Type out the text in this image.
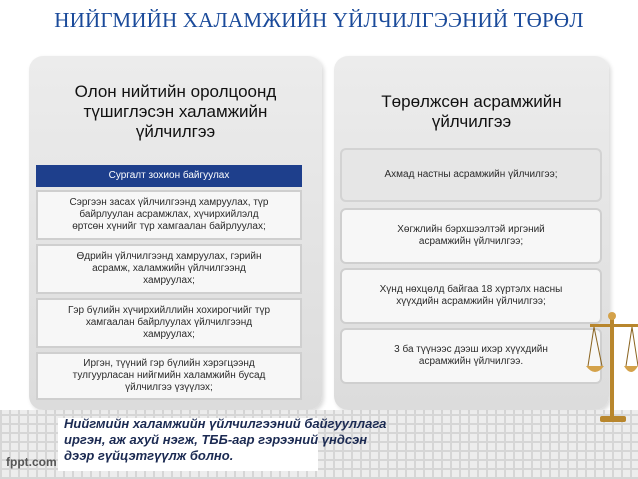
НИЙГМИЙН ХАЛАМЖИЙН ҮЙЛЧИЛГЭЭНИЙ ТӨРӨЛ
Олон нийтийн оролцоонд
түшиглэсэн халамжийн
үйлчилгээ
Төрөлжсөн асрамжийн
үйлчилгээ
Сургалт зохион байгуулах
Сэргээн засах үйлчилгээнд хамруулах, түр
байрлуулан асрамжлах, хүчирхийлэлд
өртсөн хүнийг түр хамгаалан байрлуулах;
Өдрийн үйлчилгээнд хамруулах, гэрийн
асрамж, халамжийн үйлчилгээнд
хамруулах;
Гэр бүлийн хүчирхийллийн хохирогчийг түр
хамгаалан байрлуулах үйлчилгээнд
хамруулах;
Иргэн, түүний гэр бүлийн хэрэгцээнд
тулгуурласан нийгмийн халамжийн бусад
үйлчилгээ үзүүлэх;
Ахмад настны асрамжийн үйлчилгээ;
Хөгжлийн бэрхшээлтэй иргэний
асрамжийн үйлчилгээ;
Хүнд нөхцөлд байгаа 18 хүртэлх насны
хүүхдийн асрамжийн үйлчилгээ;
3 ба түүнээс дээш ихэр хүүхдийн
асрамжийн үйлчилгээ.
Нийгмийн халамжийн үйлчилгээний байгууллага
иргэн, аж ахуй нэгж, ТББ-аар гэрээний үндсэн
дээр гүйцэтгүүлж болно.
fppt.com
